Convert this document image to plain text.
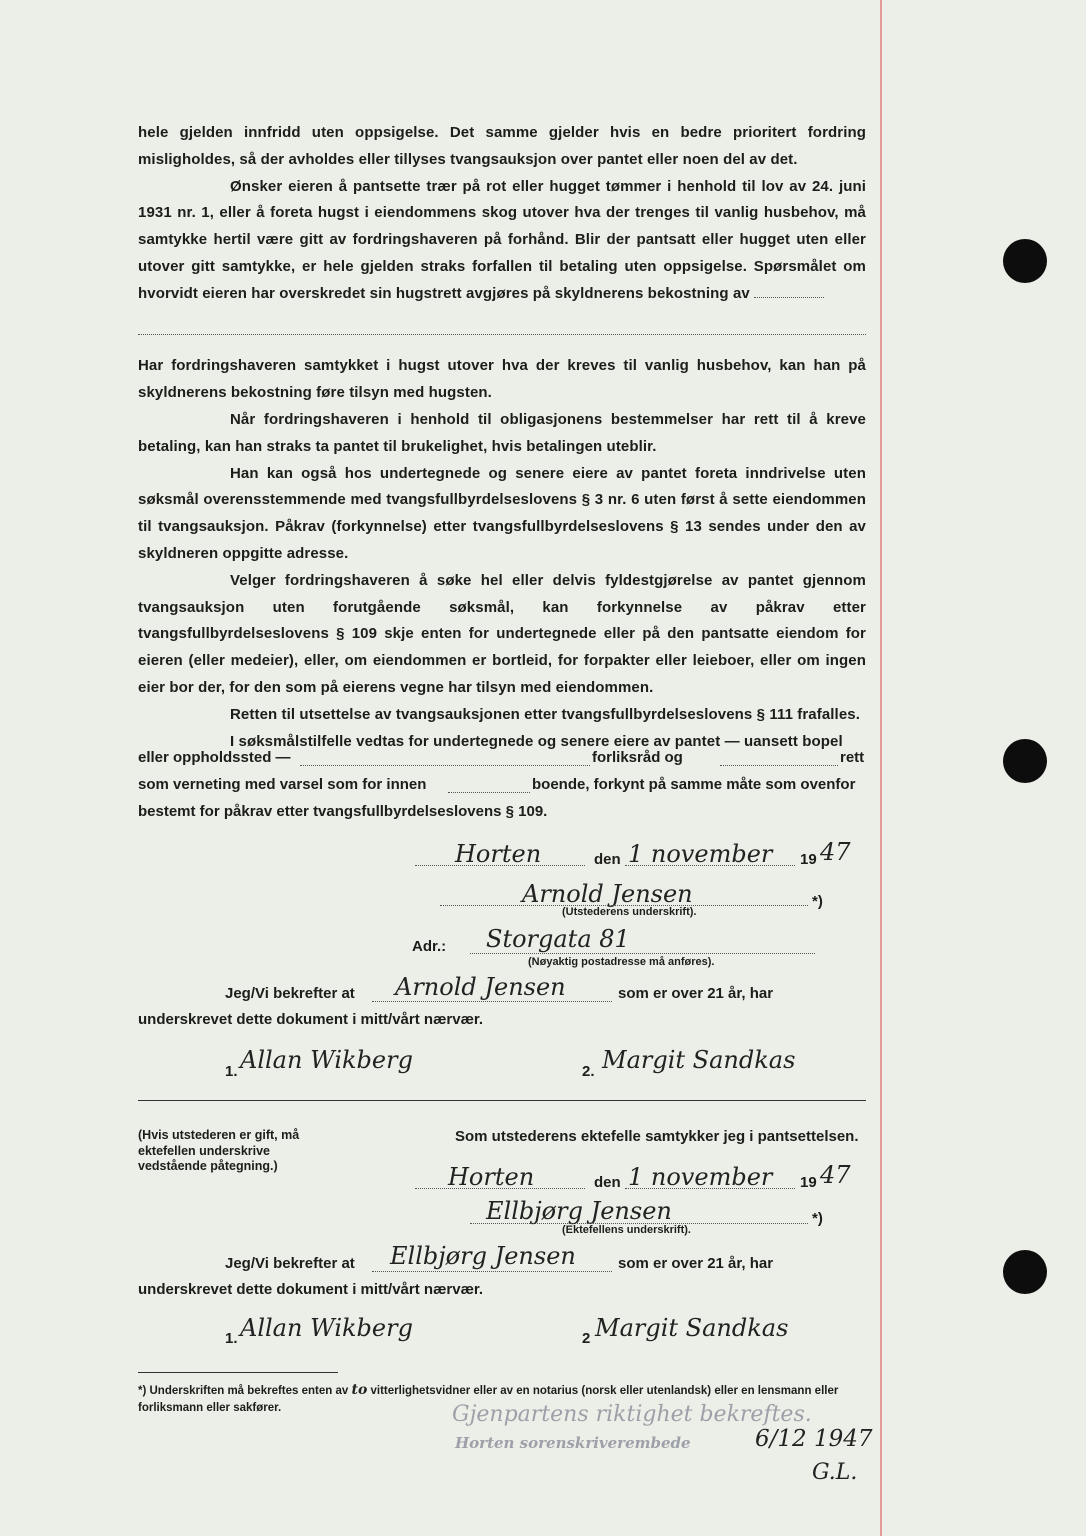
hele gjelden innfridd uten oppsigelse. Det samme gjelder hvis en bedre prioritert fordring misligholdes, så der avholdes eller tillyses tvangsauksjon over pantet eller noen del av det.

Ønsker eieren å pantsette trær på rot eller hugget tømmer i henhold til lov av 24. juni 1931 nr. 1, eller å foreta hugst i eiendommens skog utover hva der trenges til vanlig husbehov, må samtykke hertil være gitt av fordringshaveren på forhånd. Blir der pantsatt eller hugget uten eller utover gitt samtykke, er hele gjelden straks forfallen til betaling uten oppsigelse. Spørsmålet om hvorvidt eieren har overskredet sin hugstrett avgjøres på skyldnerens bekostning av

Har fordringshaveren samtykket i hugst utover hva der kreves til vanlig husbehov, kan han på skyldnerens bekostning føre tilsyn med hugsten.

Når fordringshaveren i henhold til obligasjonens bestemmelser har rett til å kreve betaling, kan han straks ta pantet til brukelighet, hvis betalingen uteblir.

Han kan også hos undertegnede og senere eiere av pantet foreta inndrivelse uten søksmål overensstemmende med tvangsfullbyrdelseslovens § 3 nr. 6 uten først å sette eiendommen til tvangsauksjon. Påkrav (forkynnelse) etter tvangsfullbyrdelseslovens § 13 sendes under den av skyldneren oppgitte adresse.

Velger fordringshaveren å søke hel eller delvis fyldestgjørelse av pantet gjennom tvangsauksjon uten forutgående søksmål, kan forkynnelse av påkrav etter tvangsfullbyrdelseslovens § 109 skje enten for undertegnede eller på den pantsatte eiendom for eieren (eller medeier), eller, om eiendommen er bortleid, for forpakter eller leieboer, eller om ingen eier bor der, for den som på eierens vegne har tilsyn med eiendommen.

Retten til utsettelse av tvangsauksjonen etter tvangsfullbyrdelseslovens § 111 frafalles.

I søksmålstilfelle vedtas for undertegnede og senere eiere av pantet — uansett bopel

eller oppholdssted —	forliksråd og	rett
som verneting med varsel som for innen	boende, forkynt på samme måte som ovenfor
bestemt for påkrav etter tvangsfullbyrdelseslovens § 109.
Horten	den 1 november 19 47
Arnold Jensen	*)
(Utstederens underskrift).
Adr.: Storgata 81
(Nøyaktig postadresse må anføres).
Jeg/Vi bekrefter at Arnold Jensen	som er over 21 år, har
underskrevet dette dokument i mitt/vårt nærvær.
1. Allan Wikberg	2. Margit Sandkas
(Hvis utstederen er gift, må ektefellen underskrive vedstående påtegning.)
Som utstederens ektefelle samtykker jeg i pantsettelsen.
Horten	den 1 november 19 47
Ellbjørg Jensen	*)
(Ektefellens underskrift).
Jeg/Vi bekrefter at Ellbjørg Jensen	som er over 21 år, har
underskrevet dette dokument i mitt/vårt nærvær.
1. Allan Wikberg	2 Margit Sandkas
*) Underskriften må bekreftes enten av to vitterlighetsvidner eller av en notarius (norsk eller utenlandsk) eller en lensmann eller forliksmann eller sakfører.	Gjenpartens riktighet bekreftes.
Horten sorenskriverembede	6/12 1947
G.L.
